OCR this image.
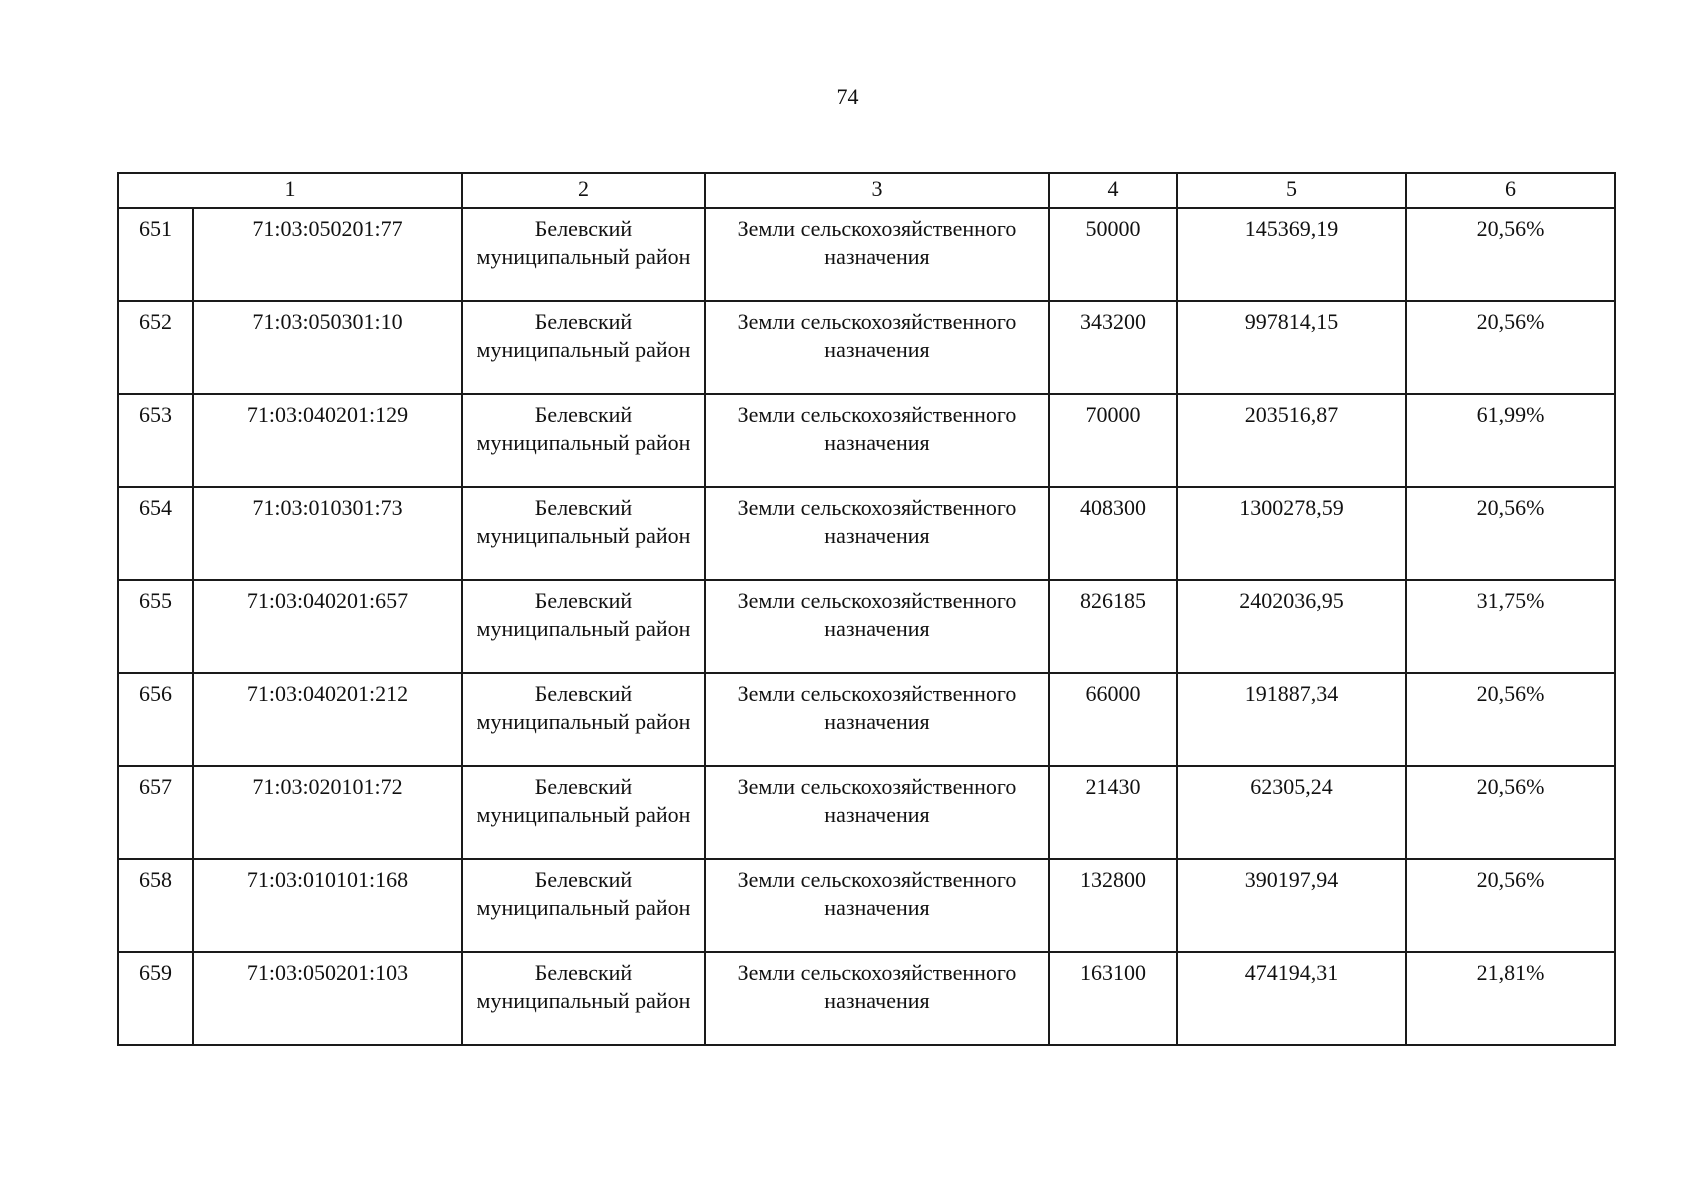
74
1		2	3	4	5	6
651	71:03:050201:77	Белевский муниципальный район	Земли сельскохозяйственного назначения	50000	145369,19	20,56%
652	71:03:050301:10	Белевский муниципальный район	Земли сельскохозяйственного назначения	343200	997814,15	20,56%
653	71:03:040201:129	Белевский муниципальный район	Земли сельскохозяйственного назначения	70000	203516,87	61,99%
654	71:03:010301:73	Белевский муниципальный район	Земли сельскохозяйственного назначения	408300	1300278,59	20,56%
655	71:03:040201:657	Белевский муниципальный район	Земли сельскохозяйственного назначения	826185	2402036,95	31,75%
656	71:03:040201:212	Белевский муниципальный район	Земли сельскохозяйственного назначения	66000	191887,34	20,56%
657	71:03:020101:72	Белевский муниципальный район	Земли сельскохозяйственного назначения	21430	62305,24	20,56%
658	71:03:010101:168	Белевский муниципальный район	Земли сельскохозяйственного назначения	132800	390197,94	20,56%
659	71:03:050201:103	Белевский муниципальный район	Земли сельскохозяйственного назначения	163100	474194,31	21,81%
